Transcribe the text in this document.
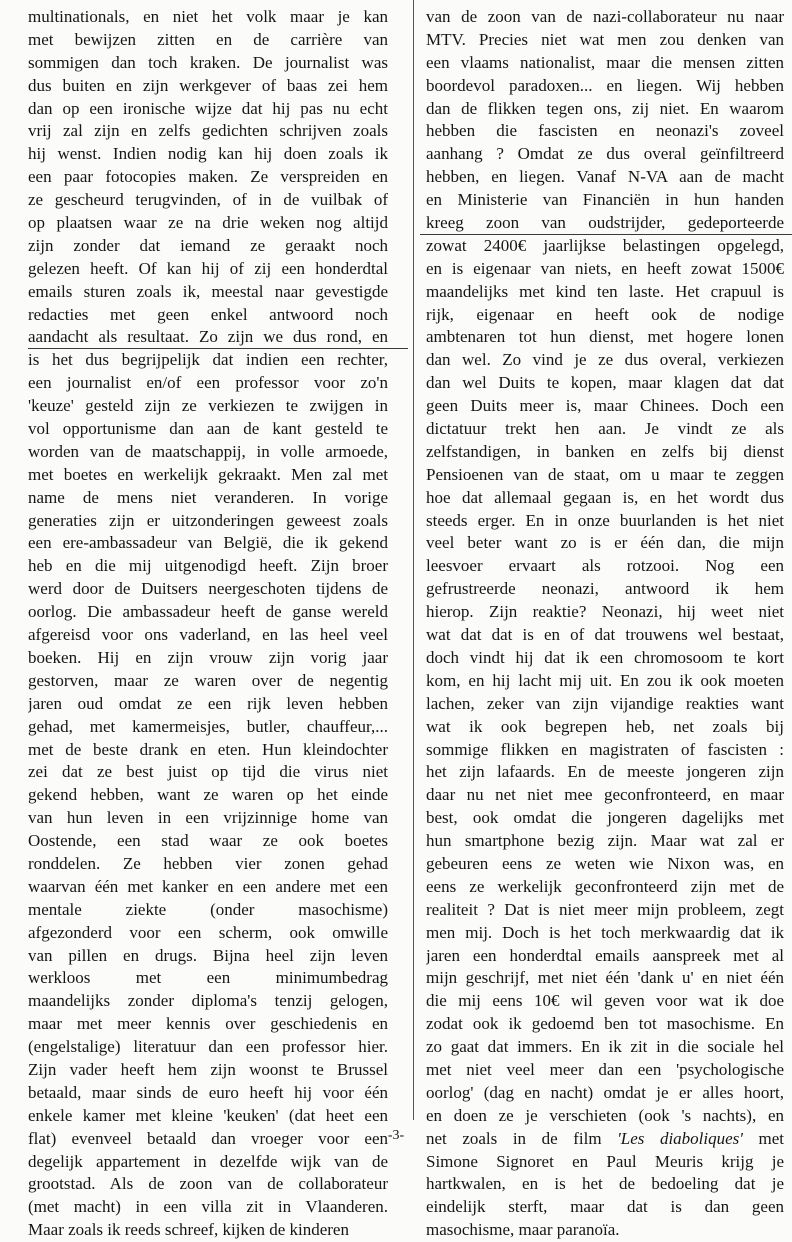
multinationals, en niet het volk maar je kan
met bewijzen zitten en de carrière van
sommigen dan toch kraken. De journalist was
dus buiten en zijn werkgever of baas zei hem
dan op een ironische wijze dat hij pas nu echt
vrij zal zijn en zelfs gedichten schrijven zoals
hij wenst. Indien nodig kan hij doen zoals ik
een paar fotocopies maken. Ze verspreiden en
ze gescheurd terugvinden, of in de vuilbak of
op plaatsen waar ze na drie weken nog altijd
zijn zonder dat iemand ze geraakt noch
gelezen heeft. Of kan hij of zij een honderdtal
emails sturen zoals ik, meestal naar gevestigde
redacties met geen enkel antwoord noch
aandacht als resultaat. Zo zijn we dus rond, en
is het dus begrijpelijk dat indien een rechter,
een journalist en/of een professor voor zo'n
'keuze' gesteld zijn ze verkiezen te zwijgen in
vol opportunisme dan aan de kant gesteld te
worden van de maatschappij, in volle armoede,
met boetes en werkelijk gekraakt. Men zal met
name de mens niet veranderen. In vorige
generaties zijn er uitzonderingen geweest zoals
een ere-ambassadeur van België, die ik gekend
heb en die mij uitgenodigd heeft. Zijn broer
werd door de Duitsers neergeschoten tijdens de
oorlog. Die ambassadeur heeft de ganse wereld
afgereisd voor ons vaderland, en las heel veel
boeken. Hij en zijn vrouw zijn vorig jaar
gestorven, maar ze waren over de negentig
jaren oud omdat ze een rijk leven hebben
gehad, met kamermeisjes, butler, chauffeur,...
met de beste drank en eten. Hun kleindochter
zei dat ze best juist op tijd die virus niet
gekend hebben, want ze waren op het einde
van hun leven in een vrijzinnige home van
Oostende, een stad waar ze ook boetes
ronddelen. Ze hebben vier zonen gehad
waarvan één met kanker en een andere met een
mentale ziekte (onder masochisme)
afgezonderd voor een scherm, ook omwille
van pillen en drugs. Bijna heel zijn leven
werkloos met een minimumbedrag
maandelijks zonder diploma's tenzij gelogen,
maar met meer kennis over geschiedenis en
(engelstalige) literatuur dan een professor hier.
Zijn vader heeft hem zijn woonst te Brussel
betaald, maar sinds de euro heeft hij voor één
enkele kamer met kleine 'keuken' (dat heet een
flat) evenveel betaald dan vroeger voor een
degelijk appartement in dezelfde wijk van de
grootstad. Als de zoon van de collaborateur
(met macht) in een villa zit in Vlaanderen.
Maar zoals ik reeds schreef, kijken de kinderen
van de zoon van de nazi-collaborateur nu naar
MTV. Precies niet wat men zou denken van
een vlaams nationalist, maar die mensen zitten
boordevol paradoxen... en liegen. Wij hebben
dan de flikken tegen ons, zij niet. En waarom
hebben die fascisten en neonazi's zoveel
aanhang ? Omdat ze dus overal geïnfiltreerd
hebben, en liegen. Vanaf N-VA aan de macht
en Ministerie van Financiën in hun handen
kreeg zoon van oudstrijder, gedeporteerde
zowat 2400€ jaarlijkse belastingen opgelegd,
en is eigenaar van niets, en heeft zowat 1500€
maandelijks met kind ten laste. Het crapuul is
rijk, eigenaar en heeft ook de nodige
ambtenaren tot hun dienst, met hogere lonen
dan wel. Zo vind je ze dus overal, verkiezen
dan wel Duits te kopen, maar klagen dat dat
geen Duits meer is, maar Chinees. Doch een
dictatuur trekt hen aan. Je vindt ze als
zelfstandigen, in banken en zelfs bij dienst
Pensioenen van de staat, om u maar te zeggen
hoe dat allemaal gegaan is, en het wordt dus
steeds erger. En in onze buurlanden is het niet
veel beter want zo is er één dan, die mijn
leesvoer ervaart als rotzooi. Nog een
gefrustreerde neonazi, antwoord ik hem
hierop. Zijn reaktie? Neonazi, hij weet niet
wat dat dat is en of dat trouwens wel bestaat,
doch vindt hij dat ik een chromosoom te kort
kom, en hij lacht mij uit. En zou ik ook moeten
lachen, zeker van zijn vijandige reakties want
wat ik ook begrepen heb, net zoals bij
sommige flikken en magistraten of fascisten :
het zijn lafaards. En de meeste jongeren zijn
daar nu net niet mee geconfronteerd, en maar
best, ook omdat die jongeren dagelijks met
hun smartphone bezig zijn. Maar wat zal er
gebeuren eens ze weten wie Nixon was, en
eens ze werkelijk geconfronteerd zijn met de
realiteit ? Dat is niet meer mijn probleem, zegt
men mij. Doch is het toch merkwaardig dat ik
jaren een honderdtal emails aanspreek met al
mijn geschrijf, met niet één 'dank u' en niet één
die mij eens 10€ wil geven voor wat ik doe
zodat ook ik gedoemd ben tot masochisme. En
zo gaat dat immers. En ik zit in die sociale hel
met niet veel meer dan een 'psychologische
oorlog' (dag en nacht) omdat je er alles hoort,
en doen ze je verschieten (ook 's nachts), en
net zoals in de film 'Les diaboliques' met
Simone Signoret en Paul Meuris krijg je
hartkwalen, en is het de bedoeling dat je
eindelijk sterft, maar dat is dan geen
masochisme, maar paranoïa.
-3-
